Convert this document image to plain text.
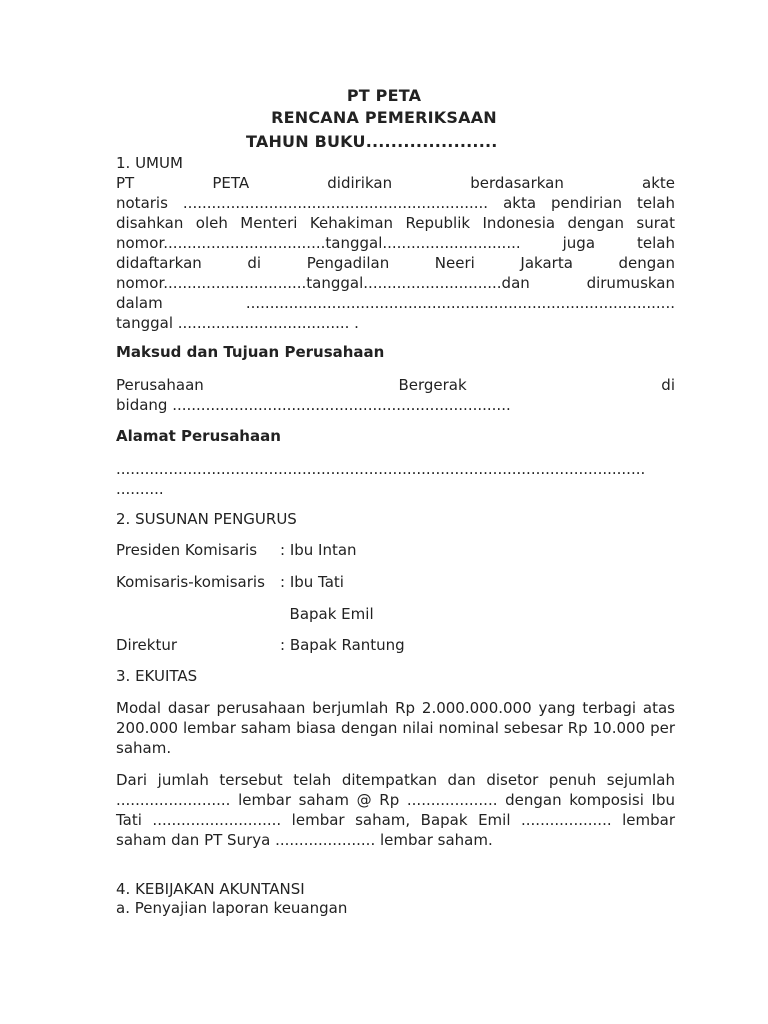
PT PETA
RENCANA PEMERIKSAAN
TAHUN BUKU.....................
1. UMUM
PT PETA didirikan berdasarkan akte
notaris ................................................................ akta pendirian telah
disahkan oleh Menteri Kehakiman Republik Indonesia dengan surat
nomor..................................tanggal............................. juga telah
didaftarkan di Pengadilan Neeri Jakarta dengan
nomor..............................tanggal.............................dan dirumuskan
dalam ..........................................................................................
tanggal .................................... .
Maksud dan Tujuan Perusahaan
Perusahaan Bergerak di
bidang .......................................................................
Alamat Perusahaan
...............................................................................................................
..........
2. SUSUNAN PENGURUS
Presiden Komisaris : Ibu Intan
Komisaris-komisaris : Ibu Tati
Bapak Emil
Direktur	: Bapak Rantung
3. EKUITAS
Modal dasar perusahaan berjumlah Rp 2.000.000.000 yang terbagi atas 200.000 lembar saham biasa dengan nilai nominal sebesar Rp 10.000 per saham.
Dari jumlah tersebut telah ditempatkan dan disetor penuh sejumlah ........................ lembar saham @ Rp ................... dengan komposisi Ibu Tati ........................... lembar saham, Bapak Emil ................... lembar saham dan PT Surya ..................... lembar saham.
4. KEBIJAKAN AKUNTANSI
a. Penyajian laporan keuangan
